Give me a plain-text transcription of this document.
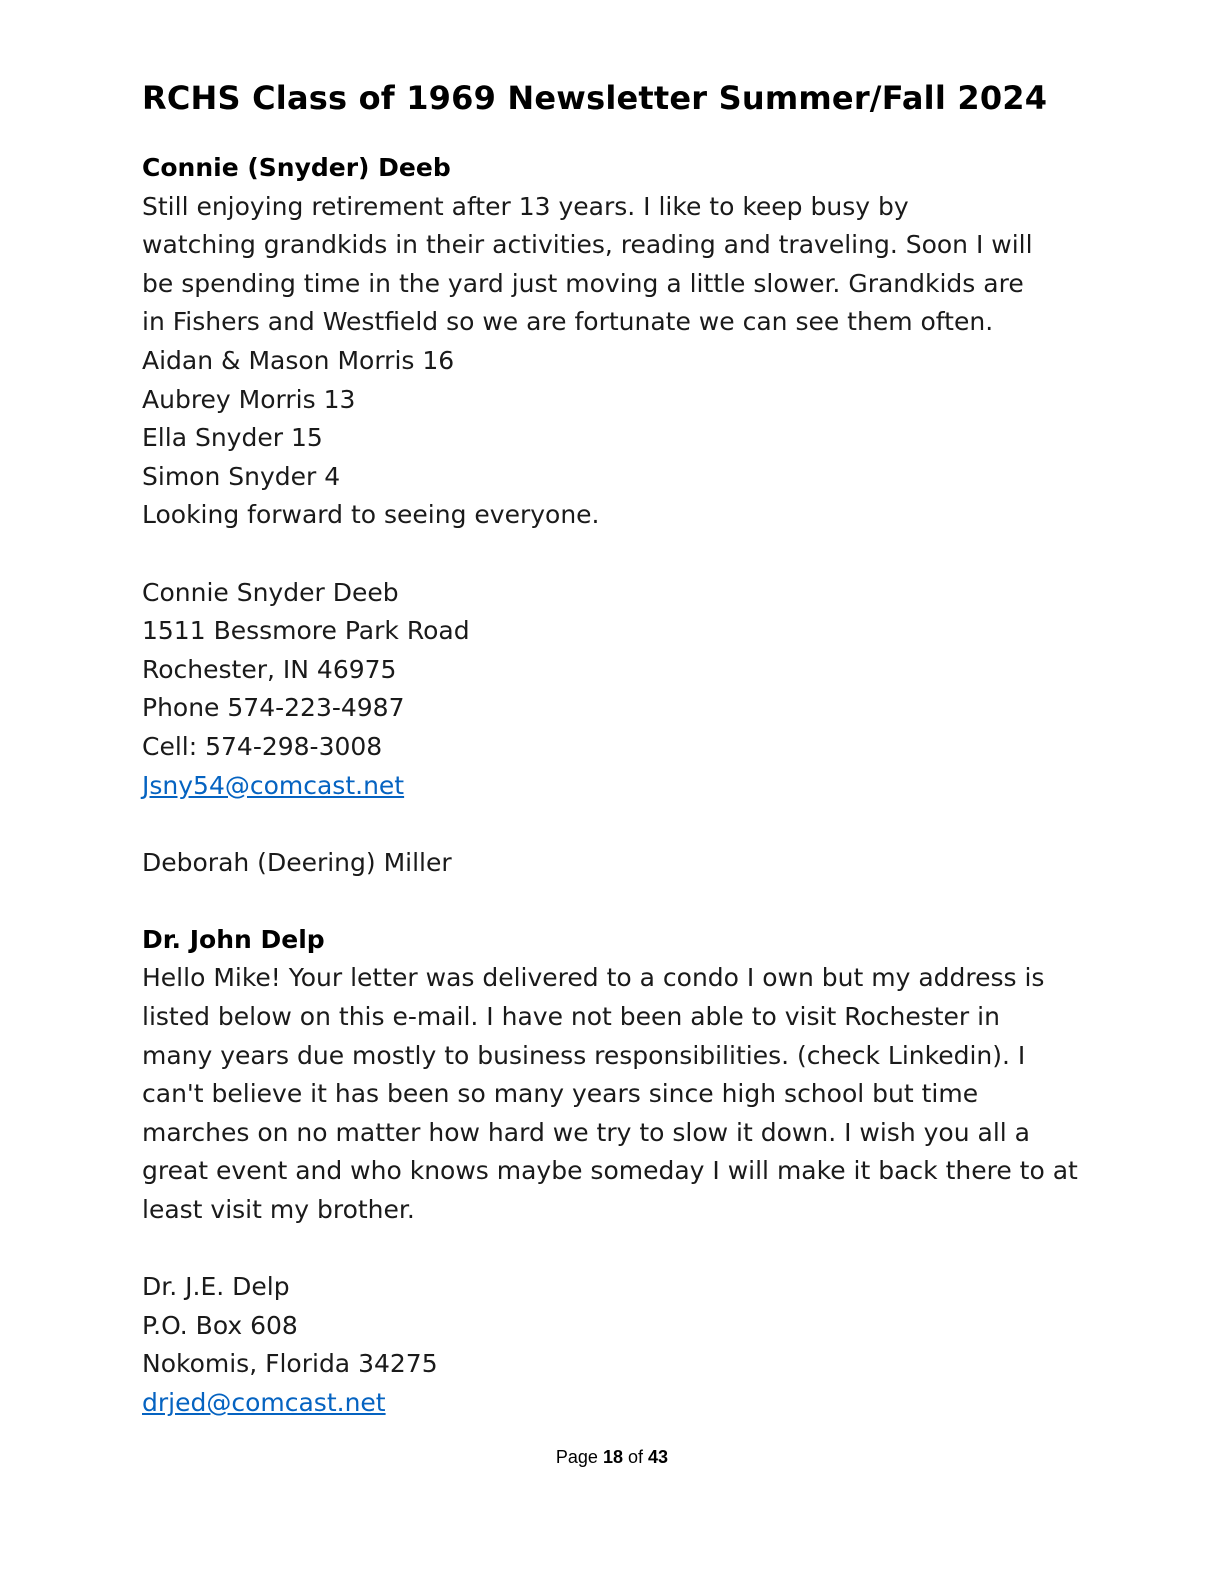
RCHS Class of 1969 Newsletter Summer/Fall 2024
Connie (Snyder) Deeb
Still enjoying retirement after 13 years. I like to keep busy by
watching grandkids in their activities, reading and traveling. Soon I will
be spending time in the yard just moving a little slower. Grandkids are
in Fishers and Westfield so we are fortunate we can see them often.
Aidan & Mason Morris 16
Aubrey Morris 13
Ella Snyder 15
Simon Snyder 4
Looking forward to seeing everyone.
Connie Snyder Deeb
1511 Bessmore Park Road
Rochester, IN 46975
Phone 574-223-4987
Cell: 574-298-3008
Jsny54@comcast.net
Deborah (Deering) Miller
Dr. John Delp
Hello Mike! Your letter was delivered to a condo I own but my address is
listed below on this e-mail. I have not been able to visit Rochester in
many years due mostly to business responsibilities. (check Linkedin). I
can't believe it has been so many years since high school but time
marches on no matter how hard we try to slow it down. I wish you all a
great event and who knows maybe someday I will make it back there to at
least visit my brother.
Dr. J.E. Delp
P.O. Box 608
Nokomis, Florida 34275
drjed@comcast.net
Page 18 of 43
